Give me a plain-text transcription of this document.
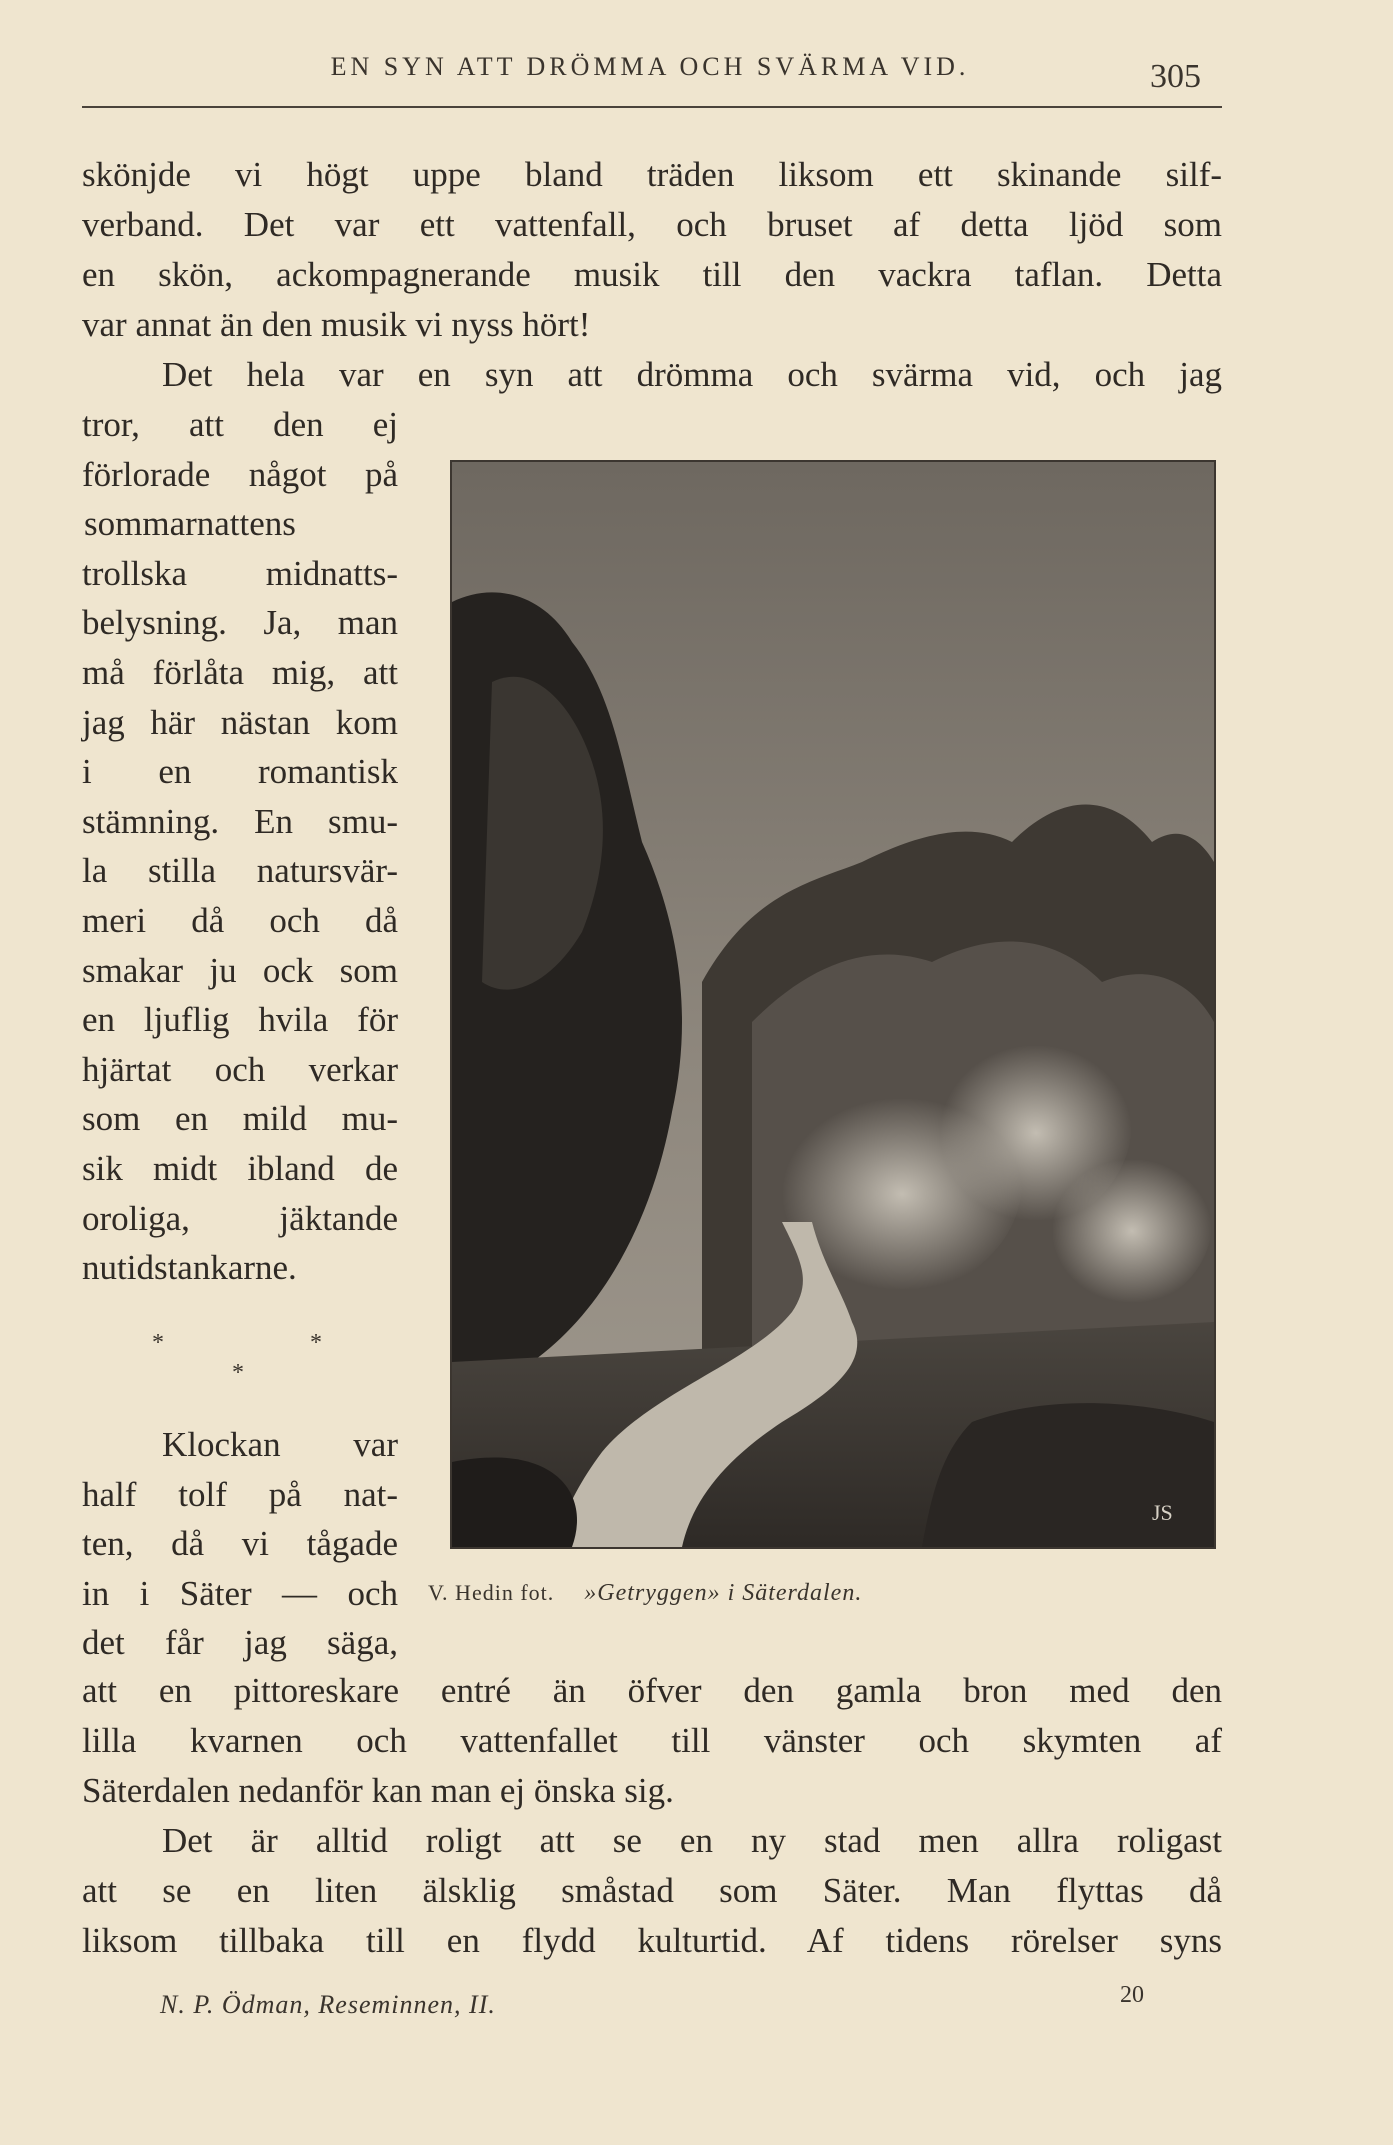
EN SYN ATT DRÖMMA OCH SVÄRMA VID.	305
skönjde vi högt uppe bland träden liksom ett skinande silf-
verband. Det var ett vattenfall, och bruset af detta ljöd som
en skön, ackompagnerande musik till den vackra taflan. Detta
var annat än den musik vi nyss hört!
Det hela var en syn att drömma och svärma vid, och jag
tror, att den ej
förlorade något på
sommarnattens
trollska midnatts-
belysning. Ja, man
må förlåta mig, att
jag här nästan kom
i en romantisk
stämning. En smu-
la stilla natursvär-
meri då och då
smakar ju ock som
en ljuflig hvila för
hjärtat och verkar
som en mild mu-
sik midt ibland de
oroliga, jäktande
nutidstankarne.
*	*
*
Klockan var
half tolf på nat-
ten, då vi tågade
in i Säter — och
det får jag säga,
JS
V. Hedin fot. »Getryggen» i Säterdalen.
att en pittoreskare entré än öfver den gamla bron med den
lilla kvarnen och vattenfallet till vänster och skymten af
Säterdalen nedanför kan man ej önska sig.
Det är alltid roligt att se en ny stad men allra roligast
att se en liten älsklig småstad som Säter. Man flyttas då
liksom tillbaka till en flydd kulturtid. Af tidens rörelser syns
N. P. Ödman, Reseminnen, II.	20
